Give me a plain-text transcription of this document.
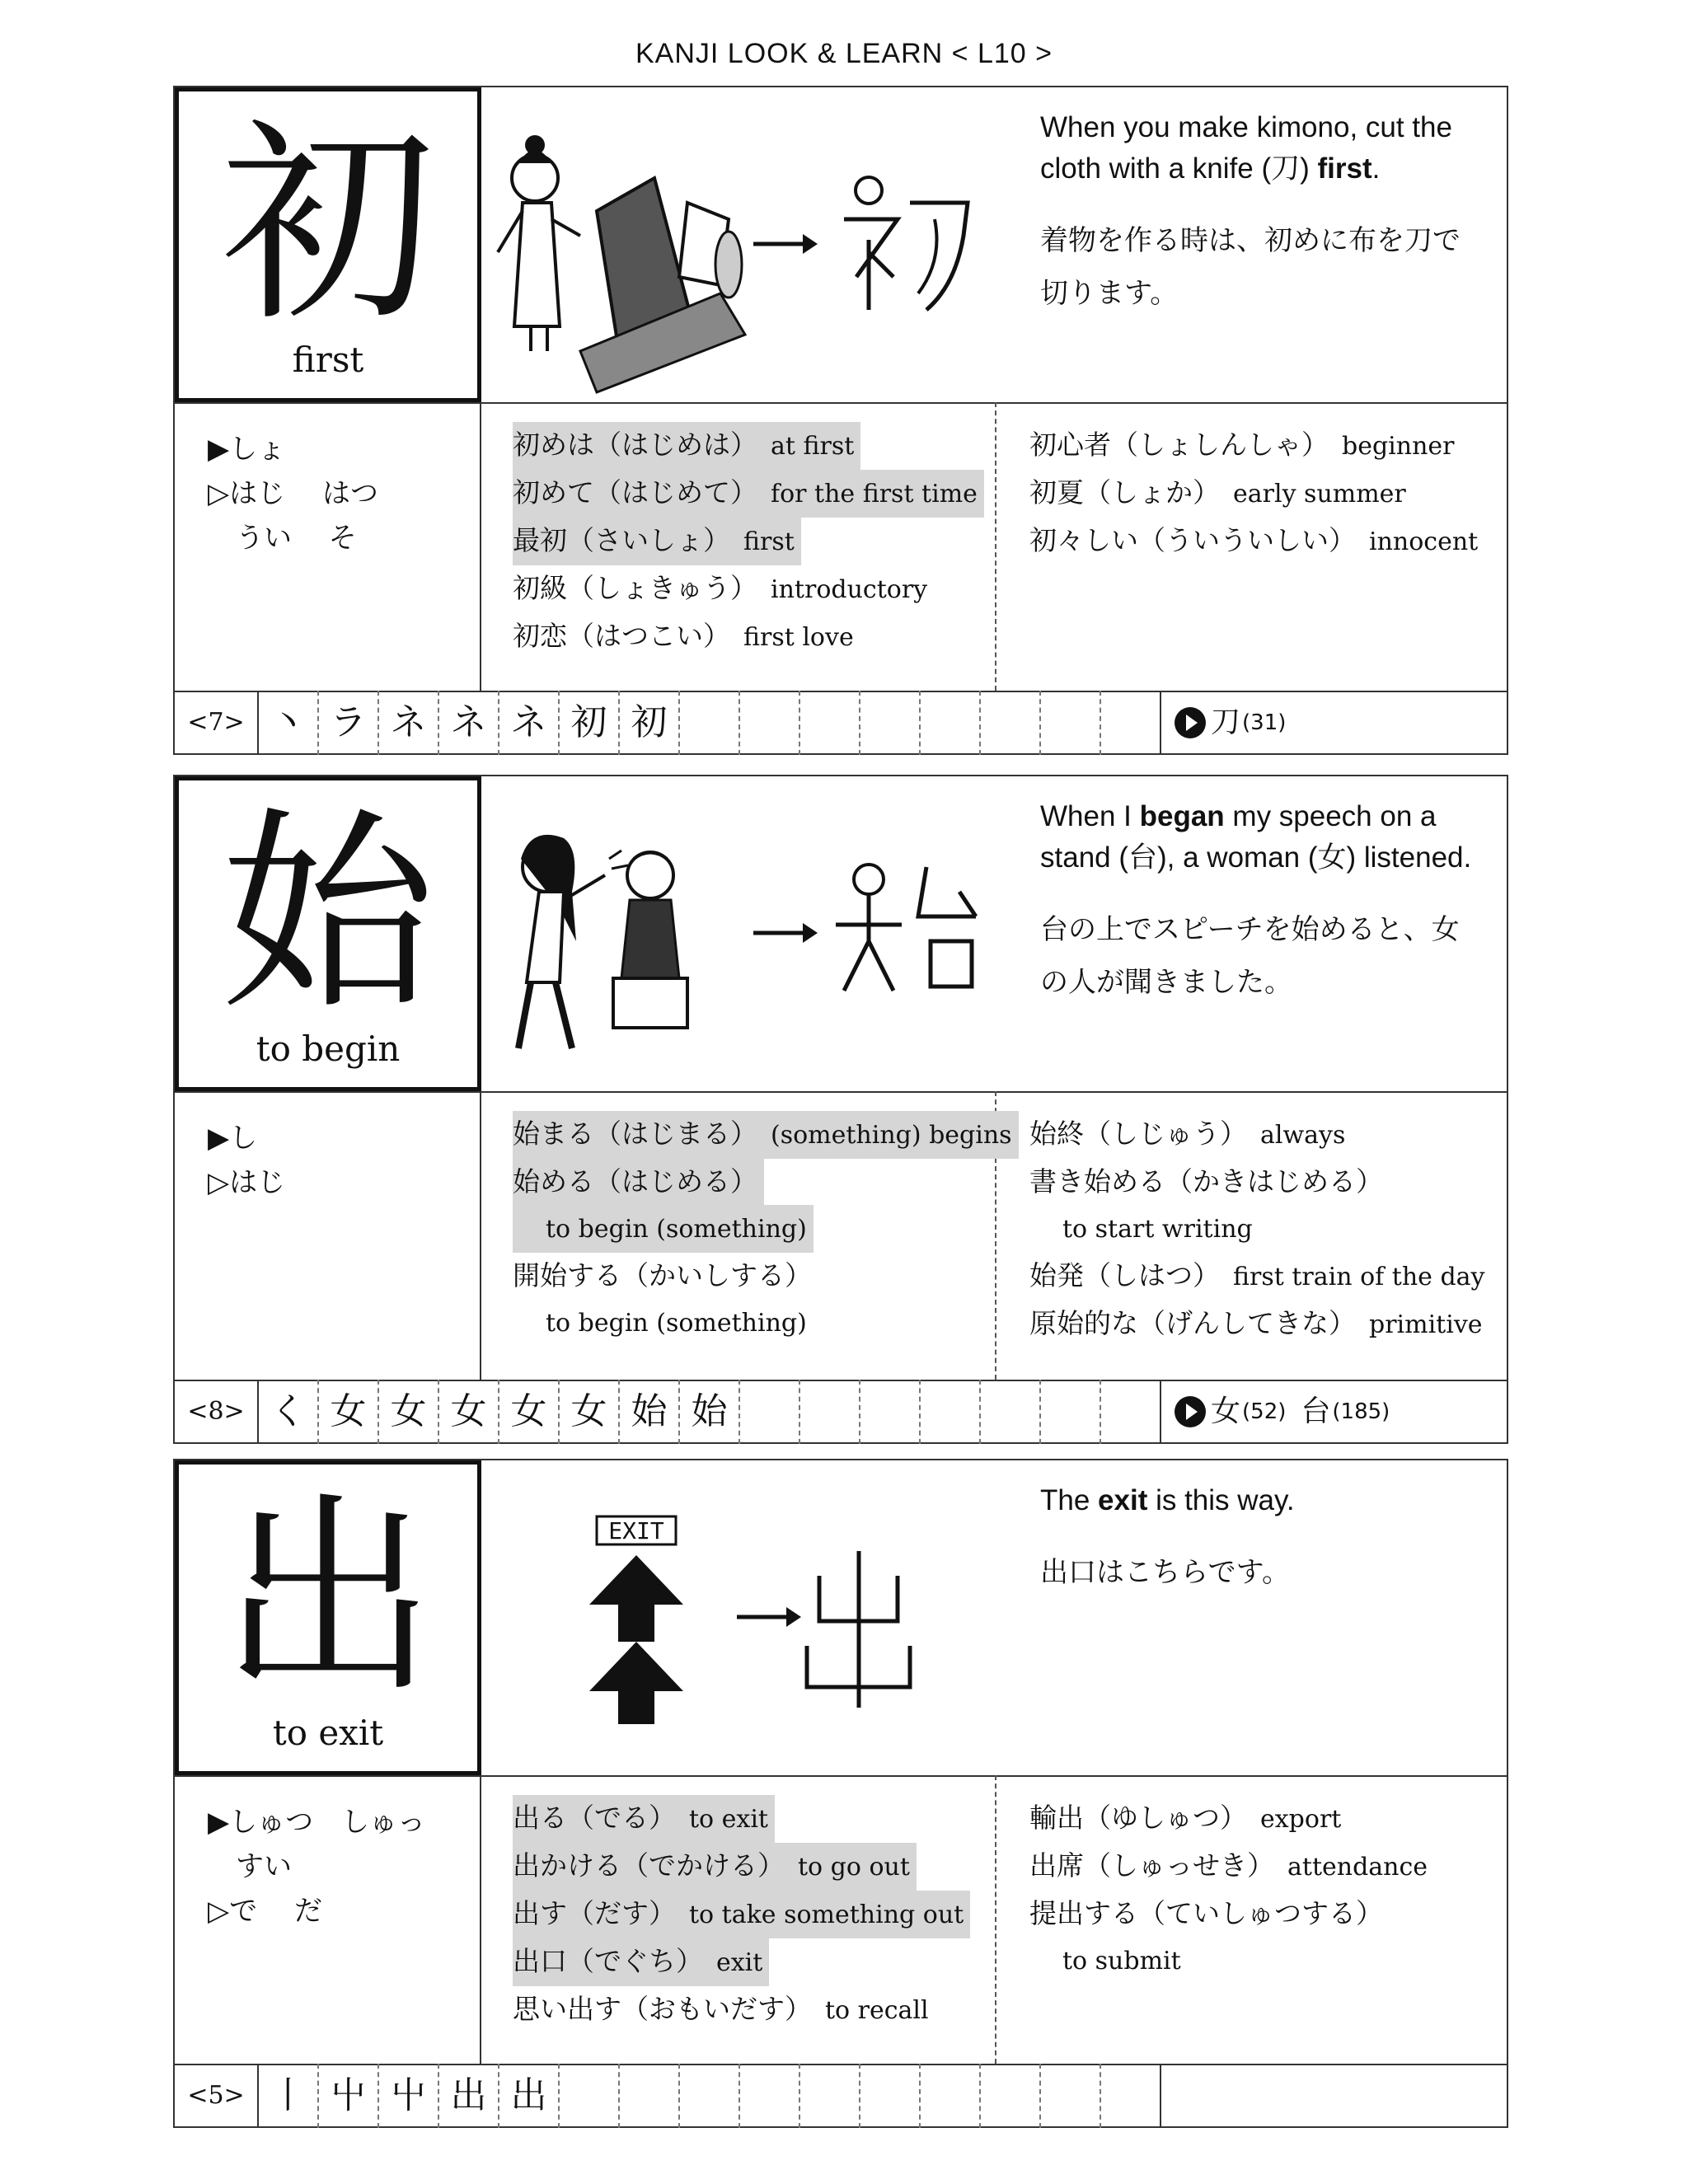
KANJI LOOK & LEARN < L10 >
初
first
When you make kimono, cut the cloth with a knife (刀) first.
着物を作る時は、初めに布を刀で切ります。
▶しょ
▷はじ　 はつ
　うい　 そ
初めは（はじめは） at first
初めて（はじめて） for the first time
最初（さいしょ） first
初級（しょきゅう） introductory
初恋（はつこい） first love
初心者（しょしんしゃ） beginner
初夏（しょか） early summer
初々しい（ういういしい） innocent
<7> 丶 ラ ネ ネ ネ 初 初	刀 (31)
始
to begin
When I began my speech on a stand (台), a woman (女) listened.
台の上でスピーチを始めると、女の人が聞きました。
▶し
▷はじ
始まる（はじまる） (something) begins
始める（はじめる）
to begin (something)
開始する（かいしする）
to begin (something)
始終（しじゅう） always
書き始める（かきはじめる）
to start writing
始発（しはつ） first train of the day
原始的な（げんしてきな） primitive
<8> く 女 女 女 女 女 始 始	女 (52) 台 (185)
出
to exit
EXIT
The exit is this way.
出口はこちらです。
▶しゅつ　しゅっ
　すい
▷で　 だ
出る（でる） to exit
出かける（でかける） to go out
出す（だす） to take something out
出口（でぐち） exit
思い出す（おもいだす） to recall
輸出（ゆしゅつ） export
出席（しゅっせき） attendance
提出する（ていしゅつする）
to submit
<5> 丨 屮 屮 出 出
